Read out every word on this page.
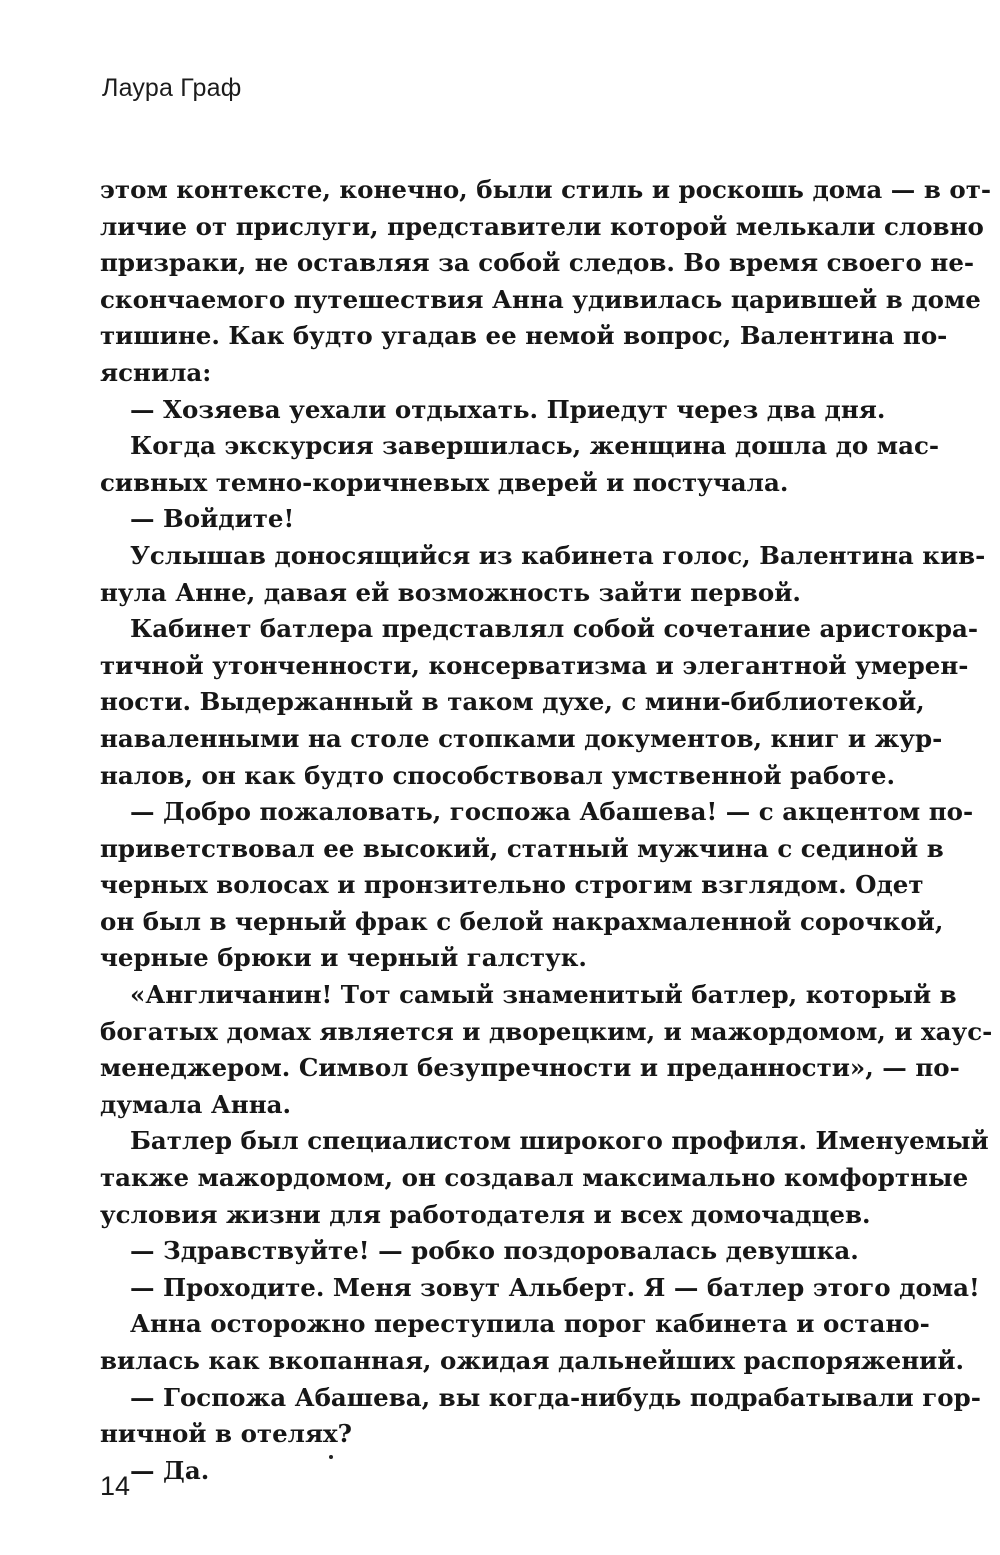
Лаура Граф
этом контексте, конечно, были стиль и роскошь дома — в от-
личие от прислуги, представители которой мелькали словно
призраки, не оставляя за собой следов. Во время своего не-
скончаемого путешествия Анна удивилась царившей в доме
тишине. Как будто угадав ее немой вопрос, Валентина по-
яснила:
— Хозяева уехали отдыхать. Приедут через два дня.
Когда экскурсия завершилась, женщина дошла до мас-
сивных темно-коричневых дверей и постучала.
— Войдите!
Услышав доносящийся из кабинета голос, Валентина кив-
нула Анне, давая ей возможность зайти первой.
Кабинет батлера представлял собой сочетание аристокра-
тичной утонченности, консерватизма и элегантной умерен-
ности. Выдержанный в таком духе, с мини-библиотекой,
наваленными на столе стопками документов, книг и жур-
налов, он как будто способствовал умственной работе.
— Добро пожаловать, госпожа Абашева! — с акцентом по-
приветствовал ее высокий, статный мужчина с сединой в
черных волосах и пронзительно строгим взглядом. Одет
он был в черный фрак с белой накрахмаленной сорочкой,
черные брюки и черный галстук.
«Англичанин! Тот самый знаменитый батлер, который в
богатых домах является и дворецким, и мажордомом, и хаус-
менеджером. Символ безупречности и преданности», — по-
думала Анна.
Батлер был специалистом широкого профиля. Именуемый
также мажордомом, он создавал максимально комфортные
условия жизни для работодателя и всех домочадцев.
— Здравствуйте! — робко поздоровалась девушка.
— Проходите. Меня зовут Альберт. Я — батлер этого дома!
Анна осторожно переступила порог кабинета и остано-
вилась как вкопанная, ожидая дальнейших распоряжений.
— Госпожа Абашева, вы когда-нибудь подрабатывали гор-
ничной в отелях?
— Да.
14
